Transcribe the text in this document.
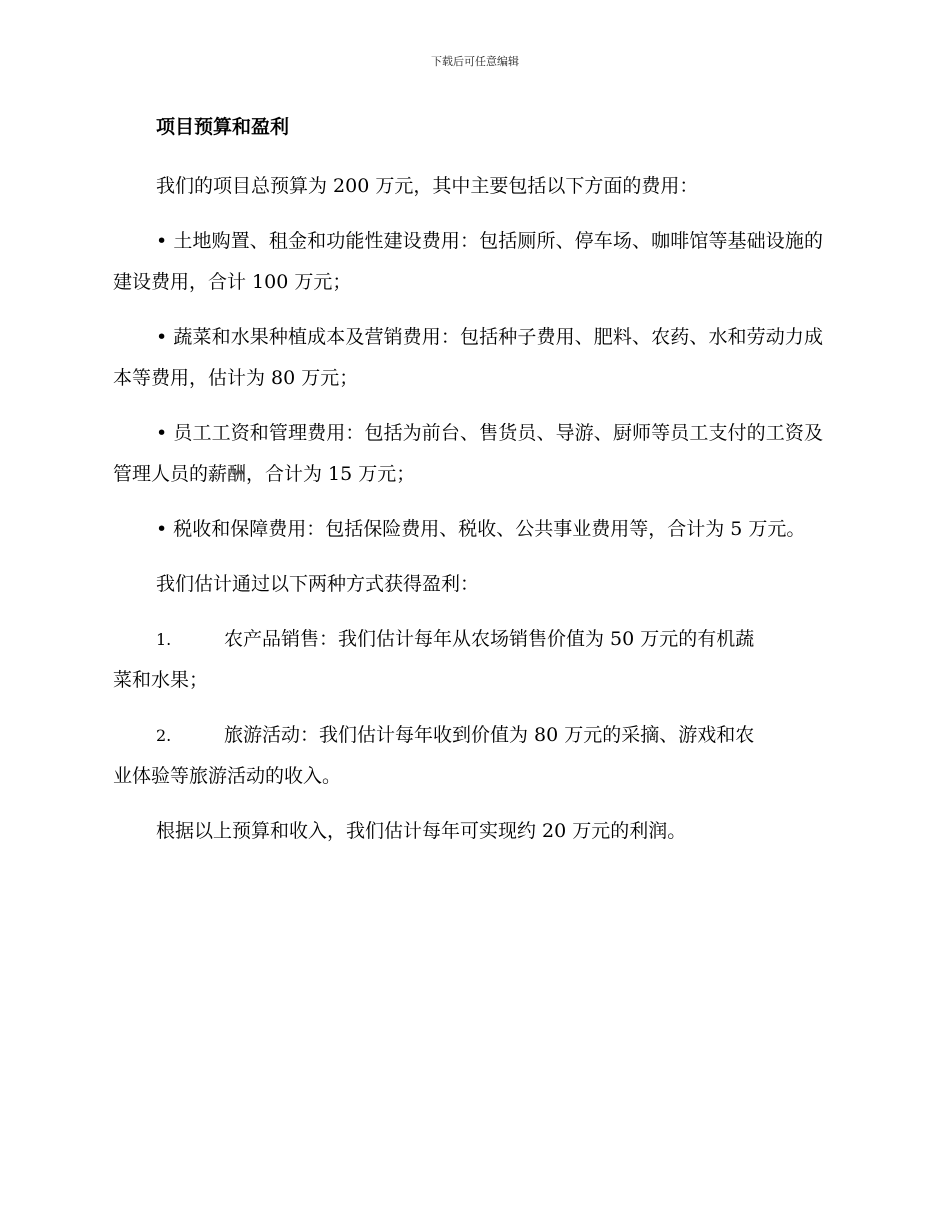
下载后可任意编辑
项目预算和盈利

我们的项目总预算为 200 万元，其中主要包括以下方面的费用：

• 土地购置、租金和功能性建设费用：包括厕所、停车场、咖啡馆等基础设施的建设费用，合计 100 万元；

• 蔬菜和水果种植成本及营销费用：包括种子费用、肥料、农药、水和劳动力成本等费用，估计为 80 万元；

• 员工工资和管理费用：包括为前台、售货员、导游、厨师等员工支付的工资及管理人员的薪酬，合计为 15 万元；

• 税收和保障费用：包括保险费用、税收、公共事业费用等，合计为 5 万元。

我们估计通过以下两种方式获得盈利：

1.	农产品销售：我们估计每年从农场销售价值为 50 万元的有机蔬
菜和水果；
2.	旅游活动：我们估计每年收到价值为 80 万元的采摘、游戏和农
业体验等旅游活动的收入。

根据以上预算和收入，我们估计每年可实现约 20 万元的利润。
